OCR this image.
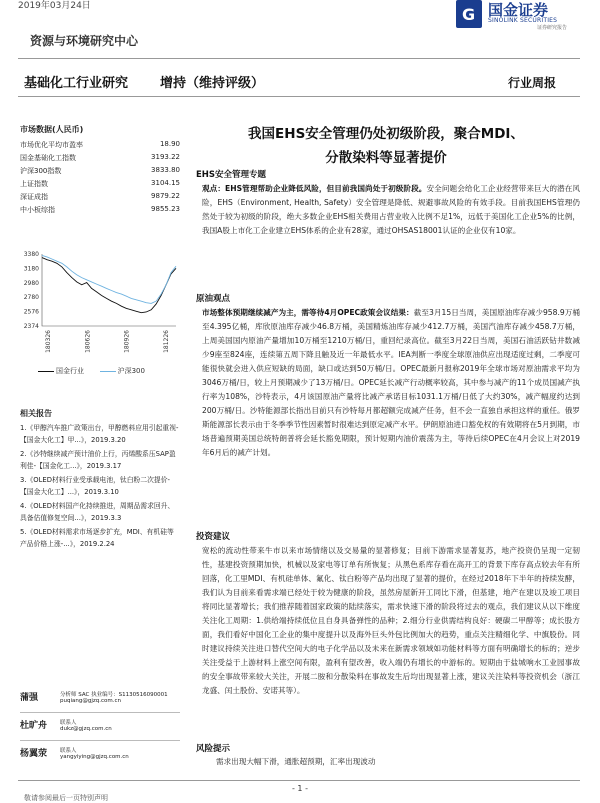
2019年03月24日	G 国金证券
SINOLINK SECURITIES
证券研究报告
资源与环境研究中心
基础化工行业研究 增持（维持评级）	行业周报
市场数据(人民币)
市场优化平均市盈率	18.90
国金基础化工指数	3193.22
沪深300指数	3833.80
上证指数	3104.15
深证成指	9879.22
中小板综指	9855.23
3380
3180
2980
2780
2576
2374
180326	180626	180926	181226
国金行业	沪深300
相关报告
1.《甲醇汽车推广政策出台，甲醇燃料应用引起重视-【国金大化工】甲...》，2019.3.20
2.《沙特继续减产预计油价上行，丙烯酸系压SAP盈利佳-【国金化工...》，2019.3.17
3.《OLED材料行业受承载电池，钛白粉二次提价-【国金大化工】...》，2019.3.10
4.《OLED材料国产化持续推进，周期品需求回升、具备估值修复空间...》，2019.3.3
5.《OLED材料需求市场逐步扩充，MDI、有机硅等产品价格上涨-...》，2019.2.24
蒲强	分析师 SAC 执业编号：S1130516090001
puqiang@gjzq.com.cn
杜旷舟 联系人
dukz@gjzq.com.cn
杨翼荥 联系人
yangyiying@gjzq.com.cn
我国EHS安全管理仍处初级阶段，聚合MDI、
分散染料等显著提价
EHS安全管理专题
观点：EHS管理帮助企业降低风险，但目前我国尚处于初级阶段。安全问题会给化工企业经营带来巨大的潜在风险，EHS（Environment, Health, Safety）安全管理是降低、规避事故风险的有效手段。目前我国EHS管理仍然处于较为初级的阶段，绝大多数企业EHS相关费用占营业收入比例不足1%，远低于美国化工企业5%的比例，我国A股上市化工企业建立EHS体系的企业有28家，通过OHSAS18001认证的企业仅有10家。
原油观点
市场整体预期继续减产为主，需等待4月OPEC政策会议结果：截至3月15日当周，美国原油库存减少958.9万桶至4.395亿桶，库欣原油库存减少46.8万桶，美国精炼油库存减少412.7万桶，美国汽油库存减少458.7万桶，上周美国国内原油产量增加10万桶至1210万桶/日，重回纪录高位。截至3月22日当周，美国石油活跃钻井数减少9座至824座，连续第五周下降且触及近一年最低水平。IEA判断一季度全球原油供应出现适度过剩，二季度可能很快就会进入供应短缺的局面，缺口或达到50万桶/日。OPEC最新月报称2019年全球市场对原油需求平均为3046万桶/日，较上月预期减少了13万桶/日。OPEC延长减产行动概率较高，其中参与减产的11个成员国减产执行率为108%，沙特表示，4月该国原油产量将比减产承诺目标1031.1万桶/日低了大约30%，减产幅度约达到200万桶/日。沙特能源部长指出目前只有沙特每月都超额完成减产任务，但不会一直独自承担这样的重任。俄罗斯能源部长表示由于冬季季节性因素暂时很难达到原定减产水平。伊朗原油进口豁免权的有效期将在5月到期，市场普遍预期美国总统特朗普将会延长豁免期限，预计短期内油价震荡为主，等待后续OPEC在4月会议上对2019年6月后的减产计划。
投资建议
宽松的流动性带来牛市以来市场情绪以及交易量的显著修复；目前下游需求显著复苏，地产投资仍呈现一定韧性，基建投资预期加快，机械以及家电等订单有所恢复；从黑色系库存看在高开工的背景下库存高点较去年有所回落，化工里MDI、有机硅单体、氟化、钛白粉等产品均出现了显著的提价，在经过2018年下半年的持续发酵，我们认为目前来看需求端已经处于较为健康的阶段，虽然房屋新开工同比下滑，但基建，地产在建以及竣工项目将同比显著增长；我们推荐随着国家政策的陆续落实，需求快速下滑的阶段将过去的观点，我们建议从以下维度关注化工周期：1.供给端持续低位且自身具备弹性的品种；2.细分行业供需结构良好：硬碳二甲醇等；成长股方面，我们看好中国化工企业的集中度提升以及海外巨头外包比例加大的趋势，重点关注精细化学、中旗股份。同时建议持续关注进口替代空间大的电子化学品以及未来在新需求领域如功能材料等方面有明确增长的标的；逆步关注受益于上游材料上涨空间有限，盈利有望改善，收入端仍有增长的中游标的。短期由于盐城响水工业园事故的安全事故带来较大关注，开展二胺和分散染料在事故发生后均出现显著上涨，建议关注染料等投资机会（浙江龙盛、闰土股份、安诺其等）。
风险提示
需求出现大幅下滑，通胀超预期，汇率出现波动
- 1 -
敬请参阅最后一页特别声明
